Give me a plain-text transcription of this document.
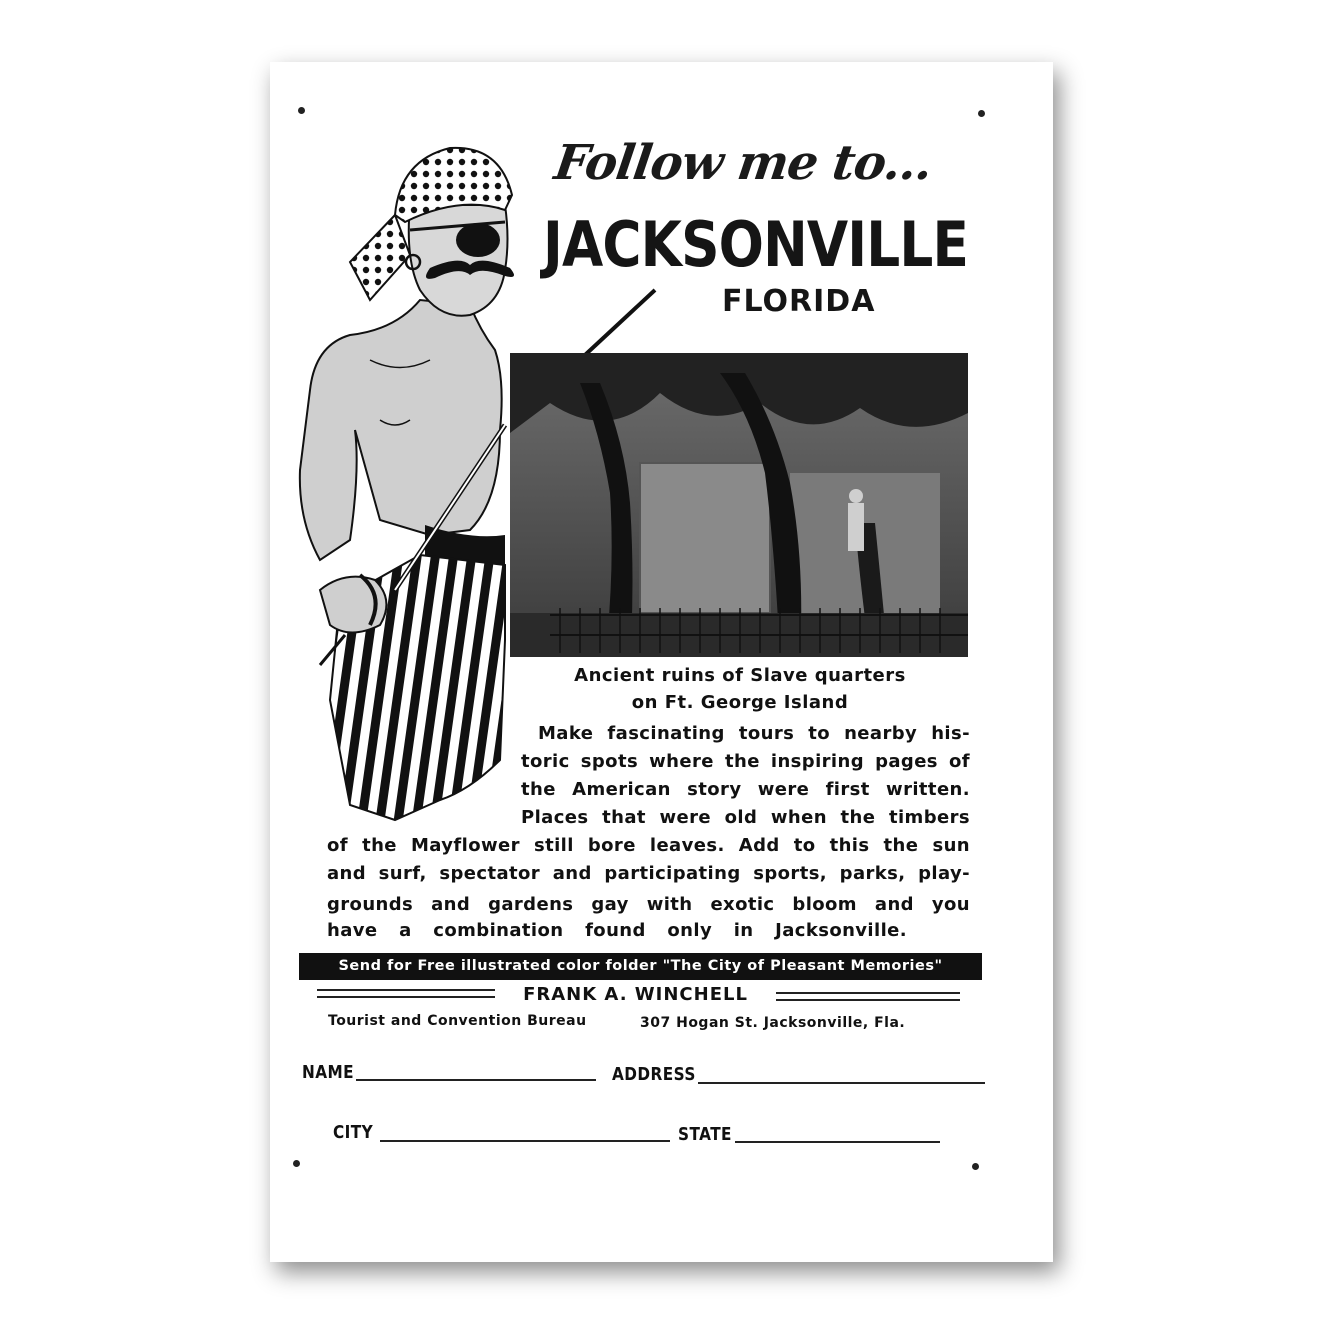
Follow me to...
JACKSONVILLE
FLORIDA
Ancient ruins of Slave quarters
on Ft. George Island
Make fascinating tours to nearby his-
toric spots where the inspiring pages of
the American story were first written.
Places that were old when the timbers
of the Mayflower still bore leaves. Add to this the sun
and surf, spectator and participating sports, parks, play-
grounds and gardens gay with exotic bloom and you
have a combination found only in Jacksonville.
Send for Free illustrated color folder "The City of Pleasant Memories"
FRANK A. WINCHELL
Tourist and Convention Bureau	307 Hogan St. Jacksonville, Fla.
NAME	ADDRESS
CITY	STATE
